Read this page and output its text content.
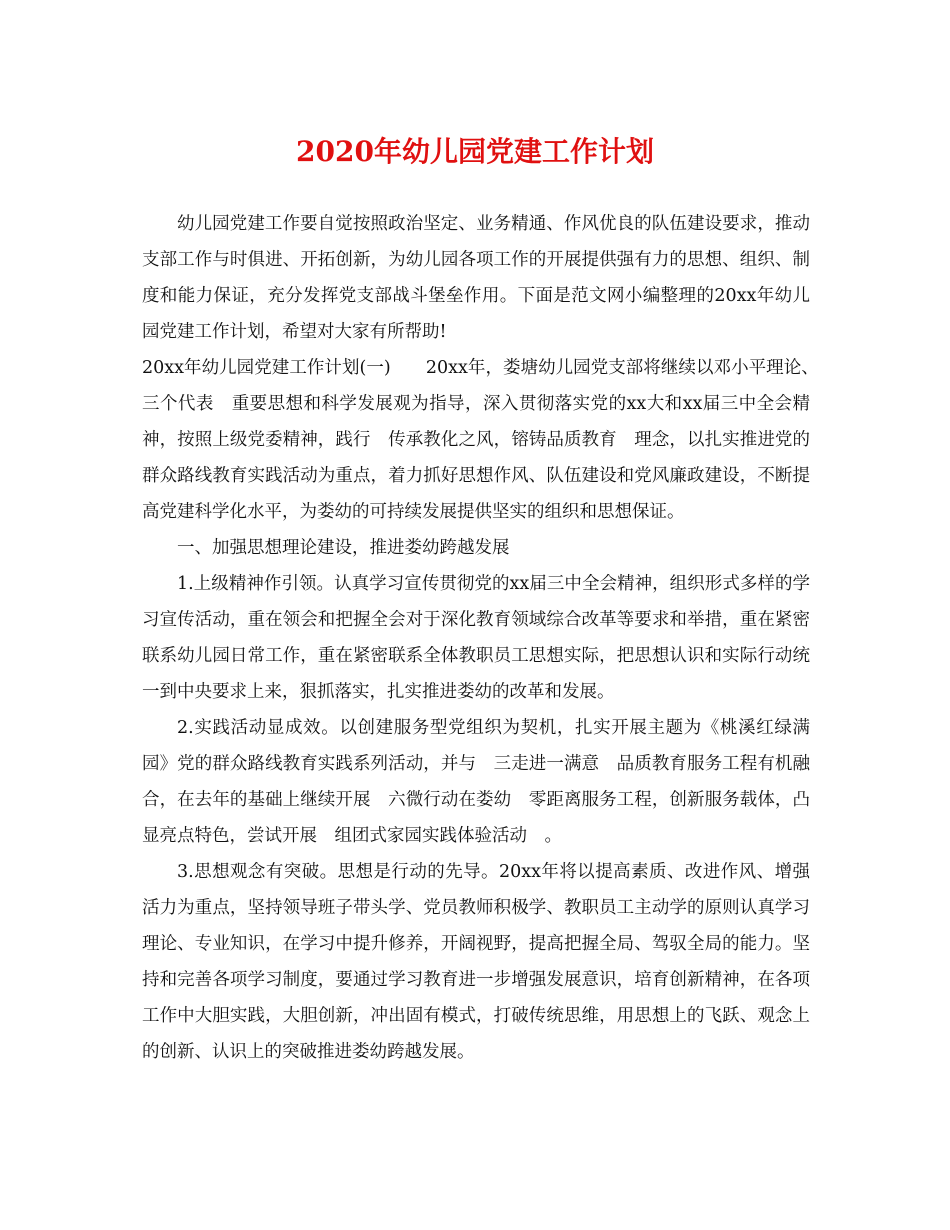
2020年幼儿园党建工作计划

幼儿园党建工作要自觉按照政治坚定、业务精通、作风优良的队伍建设要求，推动支部工作与时俱进、开拓创新，为幼儿园各项工作的开展提供强有力的思想、组织、制度和能力保证，充分发挥党支部战斗堡垒作用。下面是范文网小编整理的20xx年幼儿园党建工作计划，希望对大家有所帮助!

20xx年幼儿园党建工作计划(一)　　20xx年，娄塘幼儿园党支部将继续以邓小平理论、　三个代表　重要思想和科学发展观为指导，深入贯彻落实党的xx大和xx届三中全会精神，按照上级党委精神，践行　传承教化之风，镕铸品质教育　理念，以扎实推进党的群众路线教育实践活动为重点，着力抓好思想作风、队伍建设和党风廉政建设，不断提高党建科学化水平，为娄幼的可持续发展提供坚实的组织和思想保证。

一、加强思想理论建设，推进娄幼跨越发展

1.上级精神作引领。认真学习宣传贯彻党的xx届三中全会精神，组织形式多样的学习宣传活动，重在领会和把握全会对于深化教育领域综合改革等要求和举措，重在紧密联系幼儿园日常工作，重在紧密联系全体教职员工思想实际，把思想认识和实际行动统一到中央要求上来，狠抓落实，扎实推进娄幼的改革和发展。

2.实践活动显成效。以创建服务型党组织为契机，扎实开展主题为《桃溪红绿满园》党的群众路线教育实践系列活动，并与　三走进一满意　品质教育服务工程有机融合，在去年的基础上继续开展　六微行动在娄幼　零距离服务工程，创新服务载体，凸显亮点特色，尝试开展　组团式家园实践体验活动　。

3.思想观念有突破。思想是行动的先导。20xx年将以提高素质、改进作风、增强活力为重点，坚持领导班子带头学、党员教师积极学、教职员工主动学的原则认真学习理论、专业知识，在学习中提升修养，开阔视野，提高把握全局、驾驭全局的能力。坚持和完善各项学习制度，要通过学习教育进一步增强发展意识，培育创新精神，在各项工作中大胆实践，大胆创新，冲出固有模式，打破传统思维，用思想上的飞跃、观念上的创新、认识上的突破推进娄幼跨越发展。
